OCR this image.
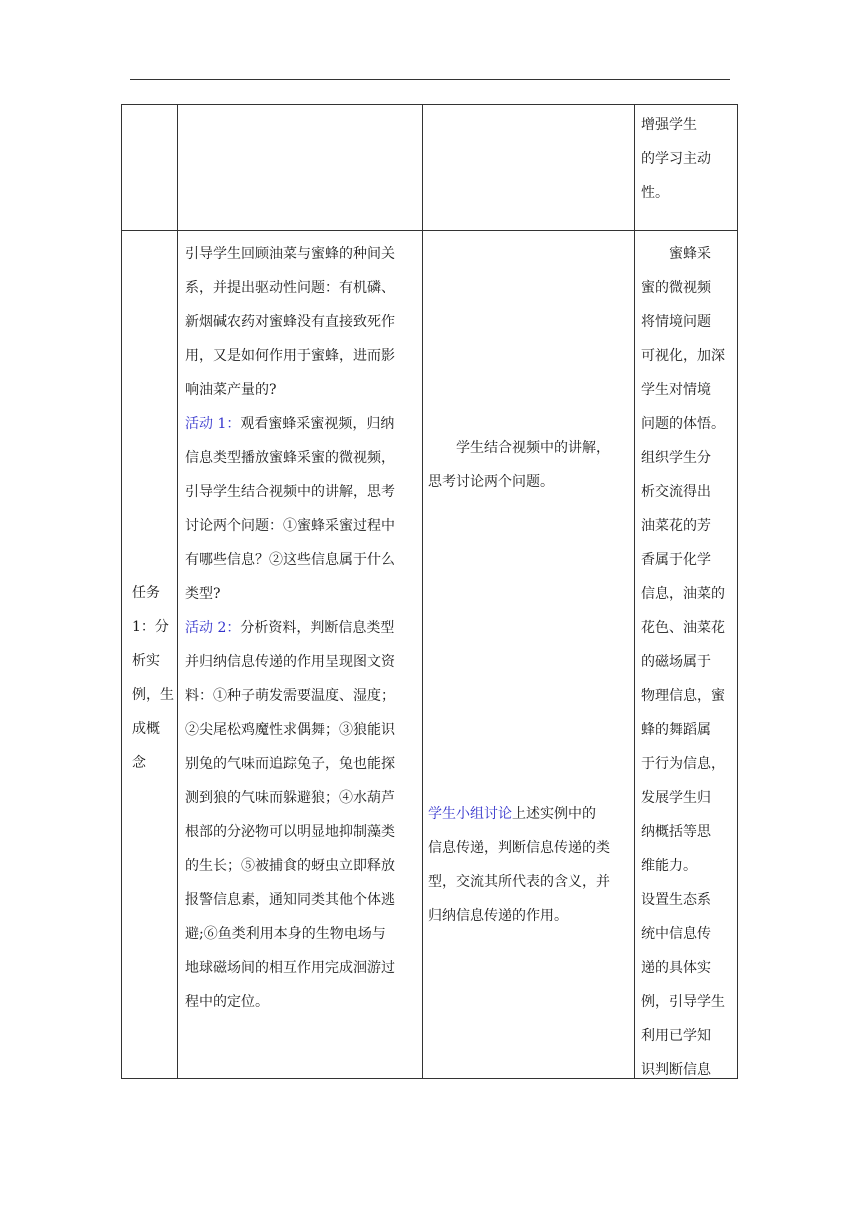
增强学生

的学习主动

性。

任务

1：分

析实

例，生

成概

念

引导学生回顾油菜与蜜蜂的种间关

系，并提出驱动性问题：有机磷、

新烟碱农药对蜜蜂没有直接致死作

用，又是如何作用于蜜蜂，进而影

响油菜产量的?

活动 1：观看蜜蜂采蜜视频，归纳

信息类型播放蜜蜂采蜜的微视频，

引导学生结合视频中的讲解，思考

讨论两个问题：①蜜蜂采蜜过程中

有哪些信息？②这些信息属于什么

类型?

活动 2：分析资料，判断信息类型

并归纳信息传递的作用呈现图文资

料：①种子萌发需要温度、湿度；

②尖尾松鸡魔性求偶舞；③狼能识

别兔的气味而追踪兔子，兔也能探

测到狼的气味而躲避狼；④水葫芦

根部的分泌物可以明显地抑制藻类

的生长；⑤被捕食的蚜虫立即释放

报警信息素，通知同类其他个体逃

避;⑥鱼类利用本身的生物电场与

地球磁场间的相互作用完成洄游过

程中的定位。

学生结合视频中的讲解，

思考讨论两个问题。

学生小组讨论上述实例中的

信息传递，判断信息传递的类

型，交流其所代表的含义，并

归纳信息传递的作用。

蜜蜂采

蜜的微视频

将情境问题

可视化，加深

学生对情境

问题的体悟。

组织学生分

析交流得出

油菜花的芳

香属于化学

信息，油菜的

花色、油菜花

的磁场属于

物理信息，蜜

蜂的舞蹈属

于行为信息，

发展学生归

纳概括等思

维能力。

设置生态系

统中信息传

递的具体实

例，引导学生

利用已学知

识判断信息
